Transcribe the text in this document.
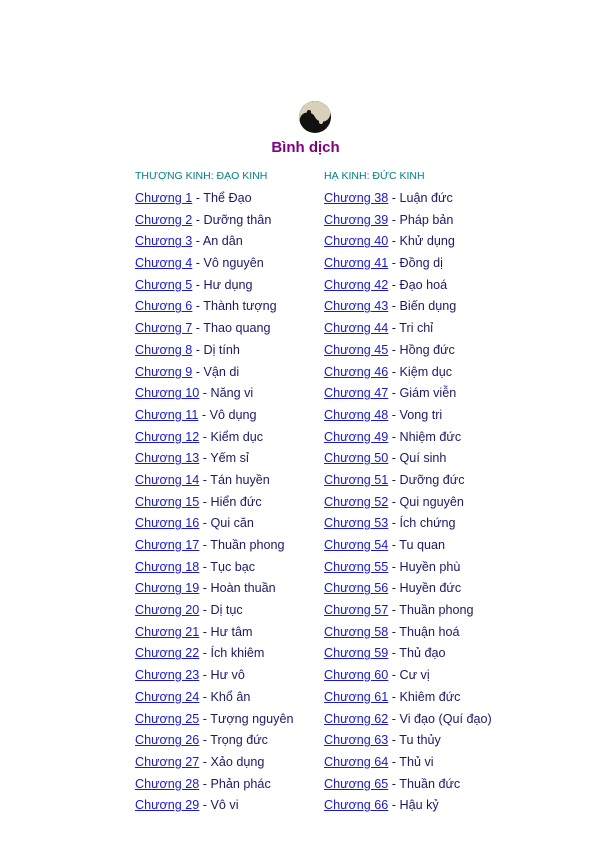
Bình dịch
THƯỢNG KINH: ĐẠO KINH
Chương 1 - Thể Đạo
Chương 2 - Dưỡng thân
Chương 3 - An dân
Chương 4 - Vô nguyên
Chương 5 - Hư dụng
Chương 6 - Thành tượng
Chương 7 - Thao quang
Chương 8 - Dị tính
Chương 9 - Vận di
Chương 10 - Năng vi
Chương 11 - Vô dụng
Chương 12 - Kiểm dục
Chương 13 - Yếm sỉ
Chương 14 - Tán huyền
Chương 15 - Hiển đức
Chương 16 - Qui căn
Chương 17 - Thuần phong
Chương 18 - Tục bạc
Chương 19 - Hoàn thuần
Chương 20 - Dị tục
Chương 21 - Hư tâm
Chương 22 - Ích khiêm
Chương 23 - Hư vô
Chương 24 - Khổ ân
Chương 25 - Tượng nguyên
Chương 26 - Trọng đức
Chương 27 - Xảo dụng
Chương 28 - Phản phác
Chương 29 - Vô vi
HẠ KINH: ĐỨC KINH
Chương 38 - Luận đức
Chương 39 - Pháp bản
Chương 40 - Khử dụng
Chương 41 - Đồng dị
Chương 42 - Đạo hoá
Chương 43 - Biến dụng
Chương 44 - Tri chỉ
Chương 45 - Hồng đức
Chương 46 - Kiệm dục
Chương 47 - Giám viễn
Chương 48 - Vong tri
Chương 49 - Nhiệm đức
Chương 50 - Quí sinh
Chương 51 - Dưỡng đức
Chương 52 - Qui nguyên
Chương 53 - Ích chứng
Chương 54 - Tu quan
Chương 55 - Huyền phù
Chương 56 - Huyền đức
Chương 57 - Thuần phong
Chương 58 - Thuận hoá
Chương 59 - Thủ đạo
Chương 60 - Cư vị
Chương 61 - Khiêm đức
Chương 62 - Vi đạo (Quí đạo)
Chương 63 - Tu thủy
Chương 64 - Thủ vi
Chương 65 - Thuần đức
Chương 66 - Hậu kỷ
